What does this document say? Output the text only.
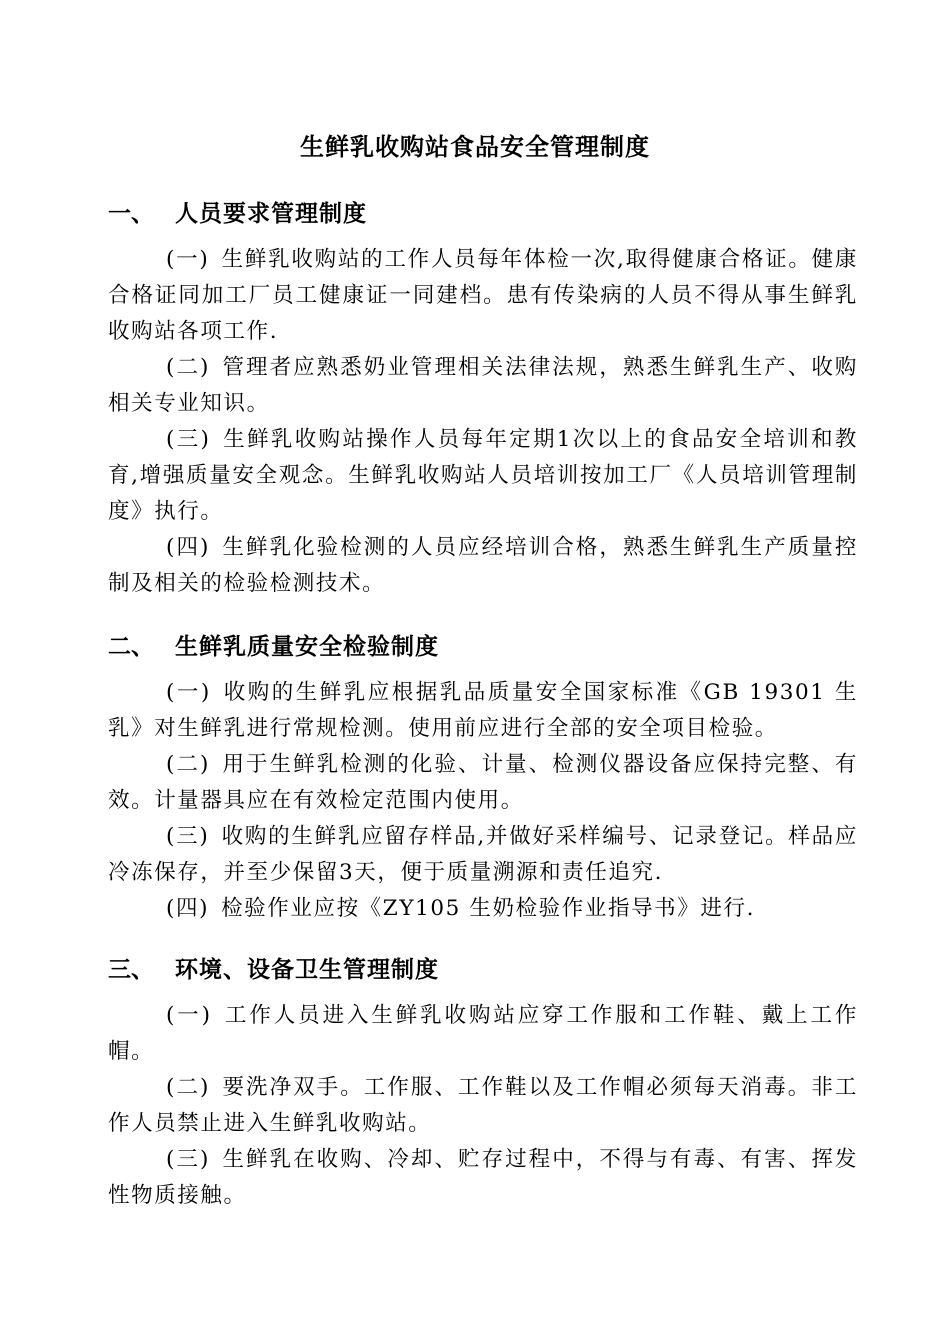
生鲜乳收购站食品安全管理制度
一、 人员要求管理制度

(一) 生鲜乳收购站的工作人员每年体检一次,取得健康合格证。健康合格证同加工厂员工健康证一同建档。患有传染病的人员不得从事生鲜乳收购站各项工作.

(二) 管理者应熟悉奶业管理相关法律法规，熟悉生鲜乳生产、收购相关专业知识。

(三) 生鲜乳收购站操作人员每年定期1次以上的食品安全培训和教育,增强质量安全观念。生鲜乳收购站人员培训按加工厂《人员培训管理制度》执行。

(四) 生鲜乳化验检测的人员应经培训合格，熟悉生鲜乳生产质量控制及相关的检验检测技术。

二、 生鲜乳质量安全检验制度

(一) 收购的生鲜乳应根据乳品质量安全国家标准《GB 19301 生乳》对生鲜乳进行常规检测。使用前应进行全部的安全项目检验。

(二) 用于生鲜乳检测的化验、计量、检测仪器设备应保持完整、有效。计量器具应在有效检定范围内使用。

(三) 收购的生鲜乳应留存样品,并做好采样编号、记录登记。样品应冷冻保存，并至少保留3天，便于质量溯源和责任追究.

(四) 检验作业应按《ZY105 生奶检验作业指导书》进行.

三、 环境、设备卫生管理制度

(一) 工作人员进入生鲜乳收购站应穿工作服和工作鞋、戴上工作帽。

(二) 要洗净双手。工作服、工作鞋以及工作帽必须每天消毒。非工作人员禁止进入生鲜乳收购站。

(三) 生鲜乳在收购、冷却、贮存过程中，不得与有毒、有害、挥发性物质接触。
